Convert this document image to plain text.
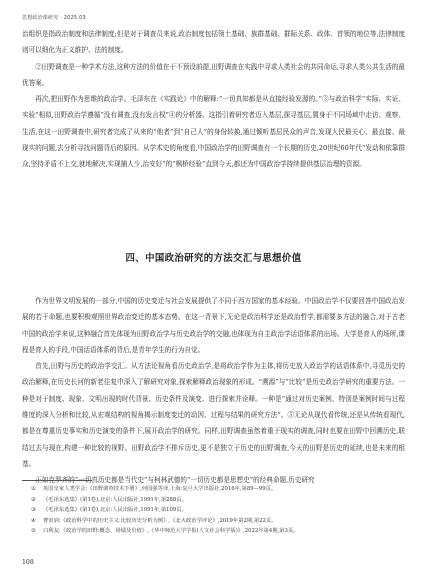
思想政治课研究 · 2025.03

治组织是指政治制度和法律制度;但是对于调查员来说,政治制度包括领土基础、族群基础、群际关系、政体、首领的地位等,法律制度则可以细化为正义维护、法的制度。

②田野调查是一种学术方法,这种方法的价值在于不预设前提,田野调查在实践中寻求人类社会的共同命运,寻求人类公共生活的最优答案。

再次,把田野作为思维的政治学。毛泽东在《实践论》中的解释:“一切真知都是从直接经验发源的。”③与政治科学“实际、实证、实验”相似,田野政治学遵循“没有调查,没有发言权”④的分析器。这指引着研究者迈入基层,探寻基层,置身于不同场域中走访、观察、生活,在这一田野调查中,研究者完成了从来的“他者”到“自己人”的身份转换,通过倾听基层民众的声音,发现人民最关心、最直接、最现实的问题,去分析寻找问题背后的原因。从学术史的角度看,中国政治学的田野调查有一个长期的历史,20世纪60年代“发动和依靠群众,坚持矛盾不上交,就地解决,实现捕人少,治安好”的“枫桥经验”直到今天,都还为中国政治学持续提供基层治理的资源。

四、中国政治研究的方法交汇与思想价值

作为世界文明发展的一部分,中国的历史变迁与社会发展提供了不同于西方国家的基本经验。中国政治学不仅要回答中国政治发展的若干命题,也要积极观照世界政治变迁的基本态势。在这一背景下,无论是政治科学还是政治哲学,都需要多方法的融合,对于古老中国的政治学来说,这种融合首先体现为田野政治学与历史政治学的交融,也体现为自主政治学话语体系的出场。大学是育人的场所,课程是育人的手段,中国话语体系的背后,是青年学生的行为自觉。

首先,田野与历史的政治学交汇。从方法论视角看历史政治学,是将政治学作为主体,将历史放入政治学的话语体系中,寻觅历史的政治解释,在历史长河的新老往复中深入了解研究对象,探索解释政治现象的形成。“溯源”与“比较”是历史政治学研究的重要方法。一种是对于制度、现象、文明出现的时代背景、历史条件及演变、进行探索并诠释。一种是“通过对历史案例、特别是案例时间与过程维度的深入分析和比较,从宏观结构的视角揭示制度变迁的动因、过程与结果的研究方法”。⑤无论从现代看传统,还是从传统看现代,都是在尊重历史事实和历史演变的条件下,展开政治学的研究。同样,田野调查虽然着重于现实的调查,同时也要在田野中回溯历史,联结过去与现在,构建一种比较的视野。田野政治学不排斥历史,更不是独立于历史的田野调查,今天的田野是历史的延续,也是未来的根基。

正如克罗齐的“一切真历史都是当代史”与柯林武德的“一切历史都是思想史”的经典命题,历史研究

①	英国皇家人类学会:《田野调查技术手册》,何国强等译,上海:复旦大学出版社,2016年,第89—99页。
②	《毛泽东选集》(第1卷),北京:人民出版社,1991年,第288页。
③	《毛泽东选集》(第1卷),北京:人民出版社,1991年,第109页。
④	曹寅讷:《政治科学中的历史主义:比较历史分析为例》,《北大政治学评论》,2019年第2期,第22页。
⑤	白利友:《政治学的田野:概念、场域及价值》,《华中师范大学学报(人文社会科学版)》,2022年第4期,第3页。
108
